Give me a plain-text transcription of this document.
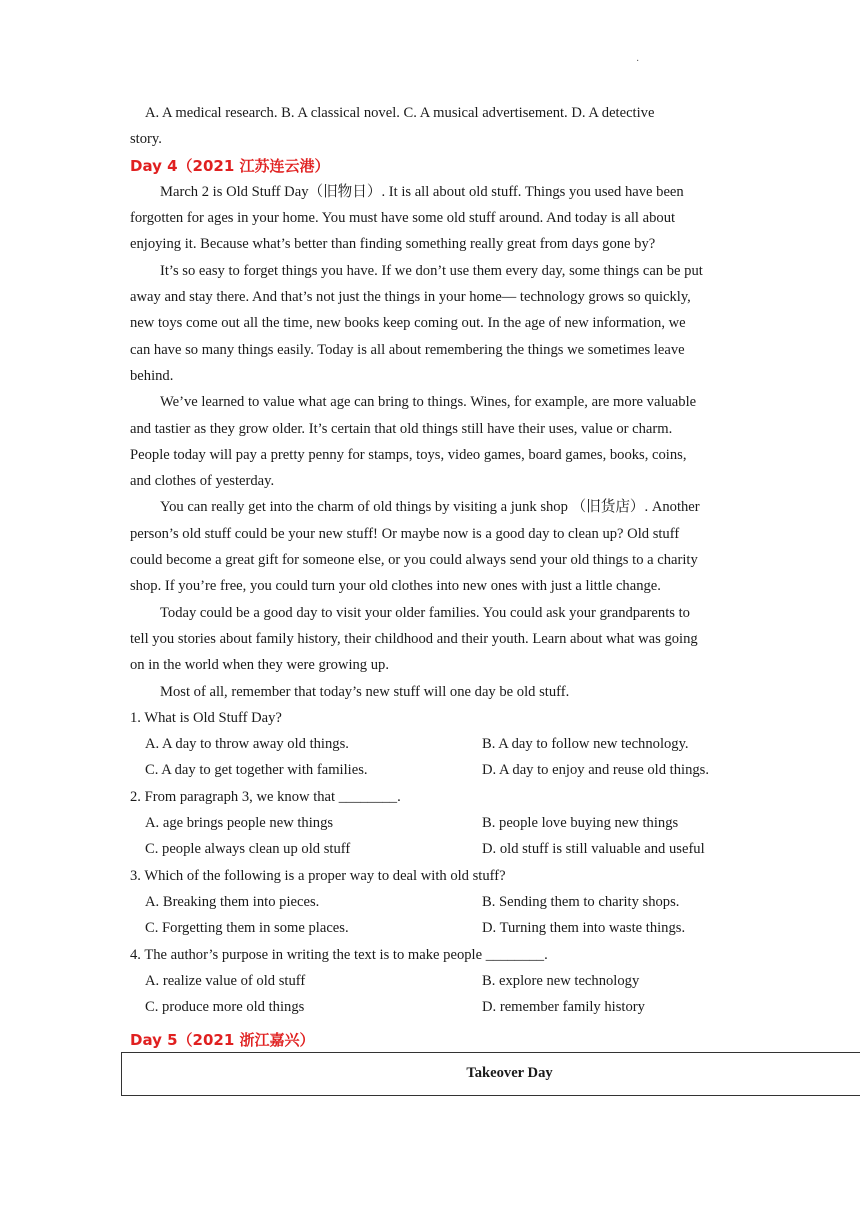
·
A. A medical research. B. A classical novel. C. A musical advertisement. D. A detective
story.
Day 4（2021 江苏连云港）
March 2 is Old Stuff Day（旧物日）. It is all about old stuff. Things you used have been
forgotten for ages in your home. You must have some old stuff around. And today is all about
enjoying it. Because what’s better than finding something really great from days gone by?
It’s so easy to forget things you have. If we don’t use them every day, some things can be put
away and stay there. And that’s not just the things in your home— technology grows so quickly,
new toys come out all the time, new books keep coming out. In the age of new information, we
can have so many things easily. Today is all about remembering the things we sometimes leave
behind.
We’ve learned to value what age can bring to things. Wines, for example, are more valuable
and tastier as they grow older. It’s certain that old things still have their uses, value or charm.
People today will pay a pretty penny for stamps, toys, video games, board games, books, coins,
and clothes of yesterday.
You can really get into the charm of old things by visiting a junk shop （旧货店）. Another
person’s old stuff could be your new stuff! Or maybe now is a good day to clean up? Old stuff
could become a great gift for someone else, or you could always send your old things to a charity
shop. If you’re free, you could turn your old clothes into new ones with just a little change.
Today could be a good day to visit your older families. You could ask your grandparents to
tell you stories about family history, their childhood and their youth. Learn about what was going
on in the world when they were growing up.
Most of all, remember that today’s new stuff will one day be old stuff.
1. What is Old Stuff Day?
A. A day to throw away old things.	B. A day to follow new technology.
C. A day to get together with families.	D. A day to enjoy and reuse old things.
2. From paragraph 3, we know that ________.
A. age brings people new things	B. people love buying new things
C. people always clean up old stuff	D. old stuff is still valuable and useful
3. Which of the following is a proper way to deal with old stuff?
A. Breaking them into pieces.	B. Sending them to charity shops.
C. Forgetting them in some places.	D. Turning them into waste things.
4. The author’s purpose in writing the text is to make people ________.
A. realize value of old stuff	B. explore new technology
C. produce more old things	D. remember family history
Day 5（2021 浙江嘉兴）
Takeover Day
